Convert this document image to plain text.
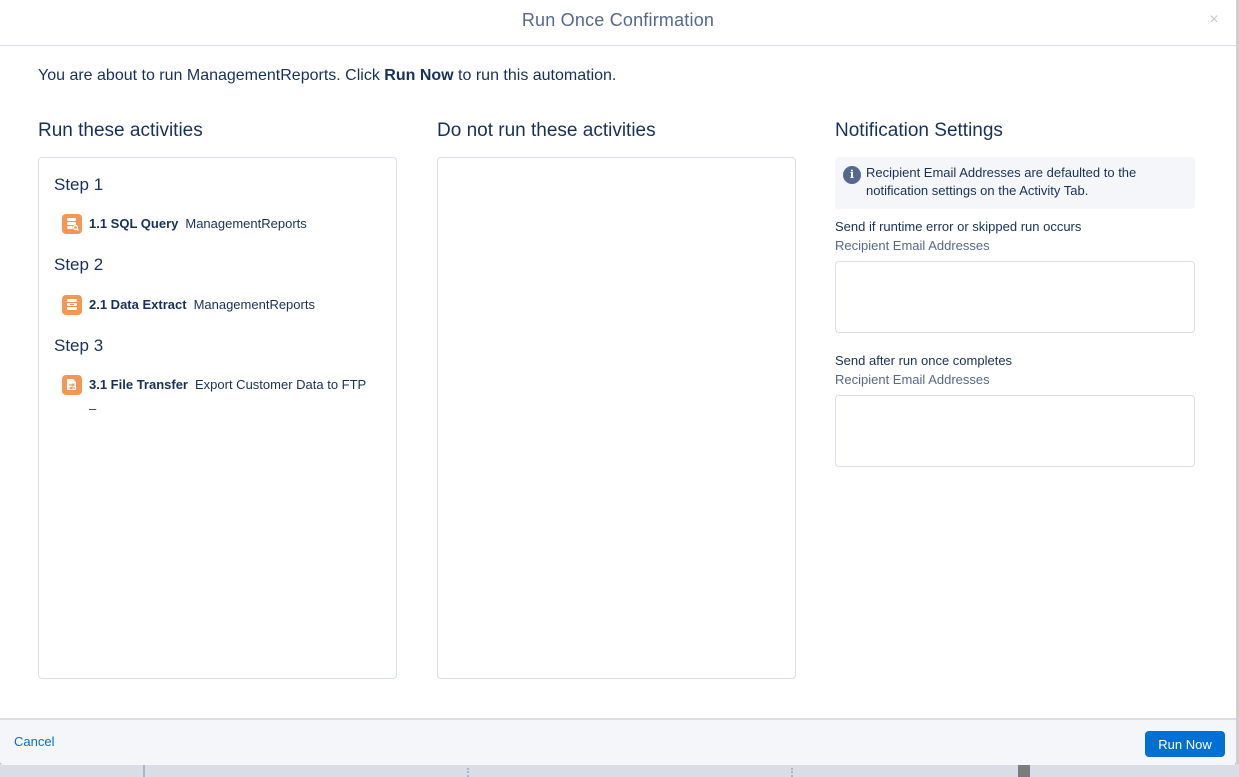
Run Once Confirmation	×
You are about to run ManagementReports. Click Run Now to run this automation.
Run these activities
Step 1
1.1 SQL Query ManagementReports
Step 2
2.1 Data Extract ManagementReports
Step 3
3.1 File Transfer Export Customer Data to FTP
–
Do not run these activities	Notification Settings
i Recipient Email Addresses are defaulted to the notification settings on the Activity Tab.
Send if runtime error or skipped run occurs
Recipient Email Addresses
Send after run once completes
Recipient Email Addresses
Cancel	Run Now
